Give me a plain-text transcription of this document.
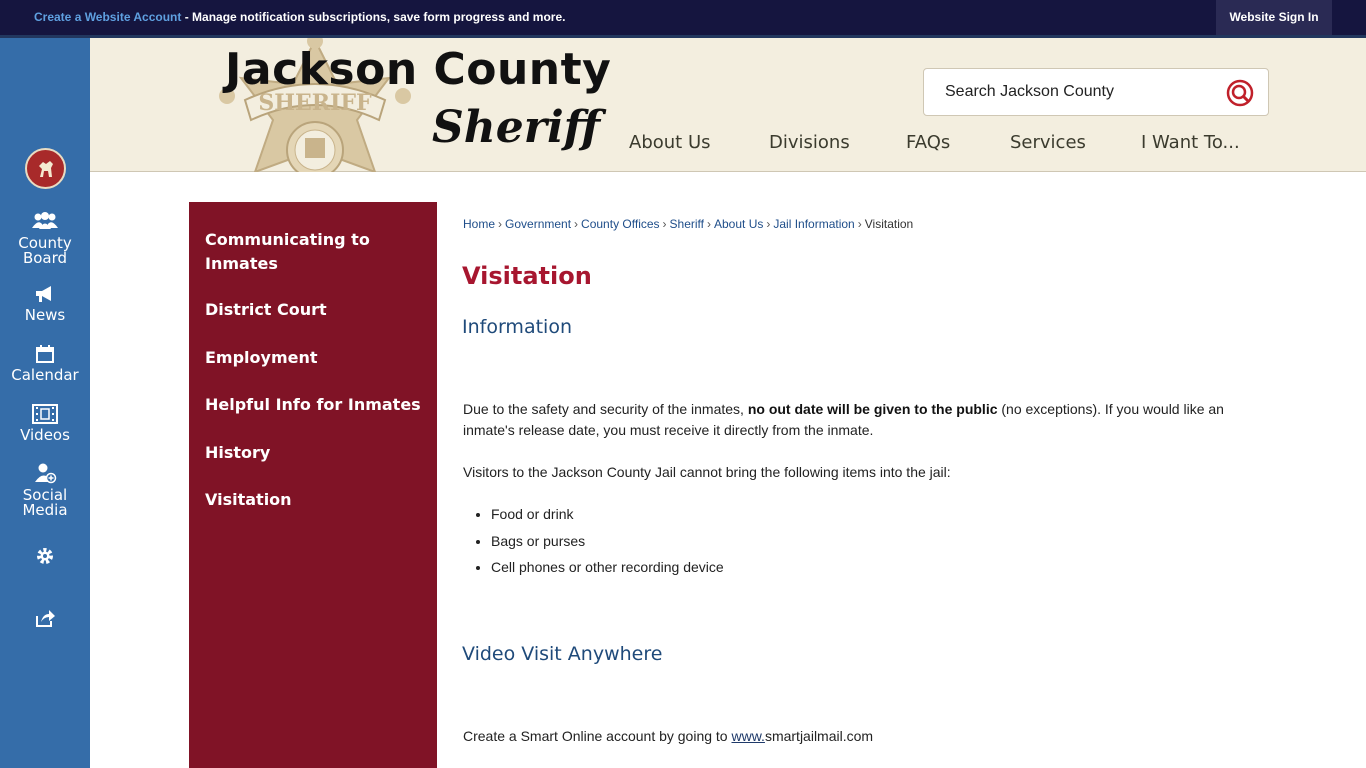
Create a Website Account - Manage notification subscriptions, save form progress and more.	Website Sign In
County Board
News
Calendar
Videos
Social Media
SHERIFF
Jackson County
Sheriff
Search Jackson County About Us	Divisions	FAQs	Services	I Want To...
Communicating to Inmates
District Court
Employment
Helpful Info for Inmates
History
Visitation
Home › Government › County Offices › Sheriff › About Us › Jail Information › Visitation
Visitation
Information
Due to the safety and security of the inmates, no out date will be given to the public (no exceptions). If you would like an inmate's release date, you must receive it directly from the inmate.
Visitors to the Jackson County Jail cannot bring the following items into the jail:
• Food or drink
• Bags or purses
• Cell phones or other recording device
Video Visit Anywhere
Create a Smart Online account by going to www.smartjailmail.com
